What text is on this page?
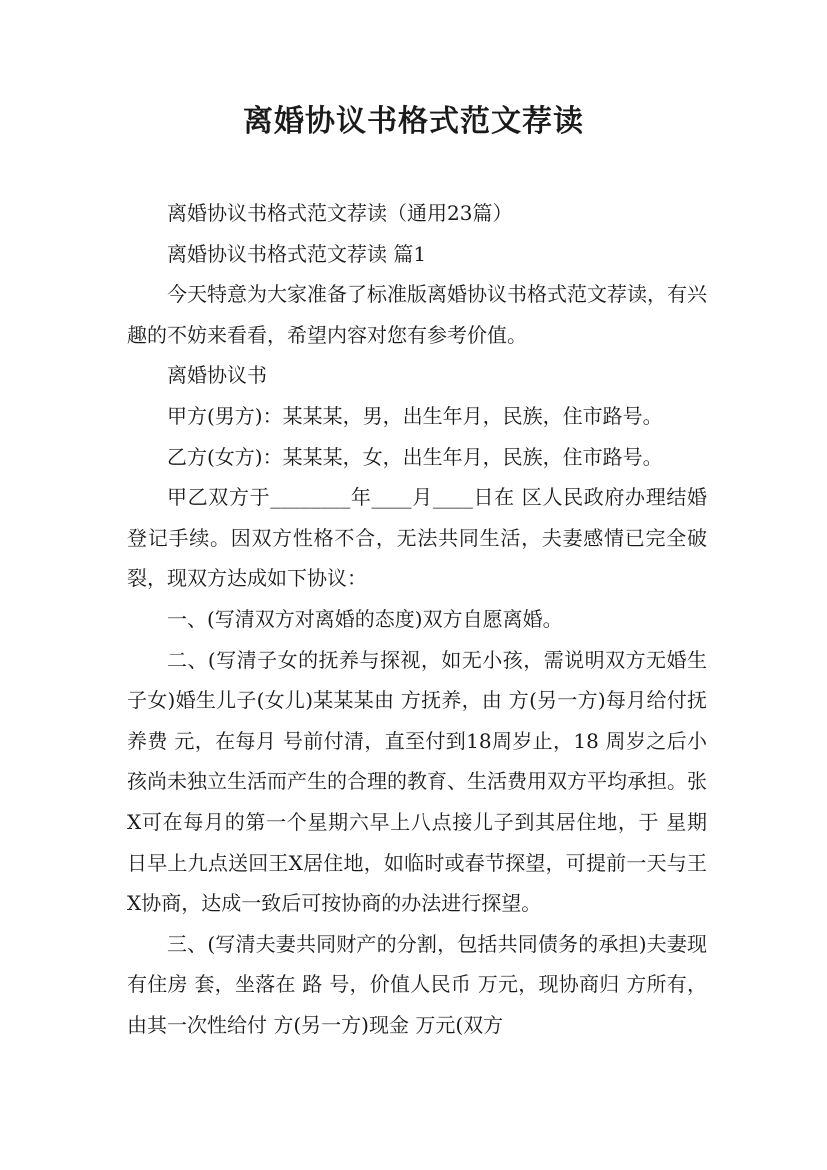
离婚协议书格式范文荐读

离婚协议书格式范文荐读（通用23篇）

离婚协议书格式范文荐读 篇1

今天特意为大家准备了标准版离婚协议书格式范文荐读，有兴趣的不妨来看看，希望内容对您有参考价值。

离婚协议书

甲方(男方)：某某某，男，出生年月，民族，住市路号。

乙方(女方)：某某某，女，出生年月，民族，住市路号。

甲乙双方于________年____月____日在 区人民政府办理结婚登记手续。因双方性格不合，无法共同生活，夫妻感情已完全破裂，现双方达成如下协议：

一、(写清双方对离婚的态度)双方自愿离婚。

二、(写清子女的抚养与探视，如无小孩，需说明双方无婚生子女)婚生儿子(女儿)某某某由 方抚养，由 方(另一方)每月给付抚养费 元，在每月 号前付清，直至付到18周岁止，18 周岁之后小孩尚未独立生活而产生的合理的教育、生活费用双方平均承担。张X可在每月的第一个星期六早上八点接儿子到其居住地，于 星期日早上九点送回王X居住地，如临时或春节探望，可提前一天与王X协商，达成一致后可按协商的办法进行探望。

三、(写清夫妻共同财产的分割，包括共同债务的承担)夫妻现有住房 套，坐落在 路 号，价值人民币 万元，现协商归 方所有，由其一次性给付 方(另一方)现金 万元(双方
